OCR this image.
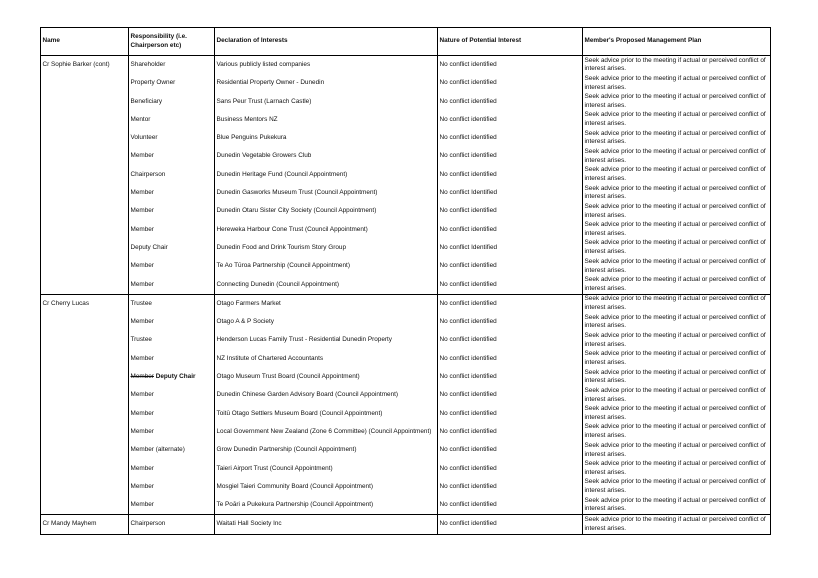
Name	Responsibility (i.e. Chairperson etc)	Declaration of Interests	Nature of Potential Interest	Member's Proposed Management Plan
Cr Sophie Barker (cont)	Shareholder	Various publicly listed companies	No conflict identified	Seek advice prior to the meeting if actual or perceived conflict of interest arises.
	Property Owner	Residential Property Owner - Dunedin	No conflict identified	Seek advice prior to the meeting if actual or perceived conflict of interest arises.
	Beneficiary	Sans Peur Trust (Larnach Castle)	No conflict identified	Seek advice prior to the meeting if actual or perceived conflict of interest arises.
	Mentor	Business Mentors NZ	No conflict identified	Seek advice prior to the meeting if actual or perceived conflict of interest arises.
	Volunteer	Blue Penguins Pukekura	No conflict identified	Seek advice prior to the meeting if actual or perceived conflict of interest arises.
	Member	Dunedin Vegetable Growers Club	No conflict identified	Seek advice prior to the meeting if actual or perceived conflict of interest arises.
	Chairperson	Dunedin Heritage Fund (Council Appointment)	No conflict identified	Seek advice prior to the meeting if actual or perceived conflict of interest arises.
	Member	Dunedin Gasworks Museum Trust (Council Appointment)	No conflict Identified	Seek advice prior to the meeting if actual or perceived conflict of interest arises.
	Member	Dunedin Otaru Sister City Society (Council Appointment)	No conflict identified	Seek advice prior to the meeting if actual or perceived conflict of interest arises.
	Member	Hereweka Harbour Cone Trust (Council Appointment)	No conflict identified	Seek advice prior to the meeting if actual or perceived conflict of interest arises.
	Deputy Chair	Dunedin Food and Drink Tourism Story Group	No conflict Identified	Seek advice prior to the meeting if actual or perceived conflict of interest arises.
	Member	Te Ao Tūroa Partnership (Council Appointment)	No conflict identified	Seek advice prior to the meeting if actual or perceived conflict of interest arises.
	Member	Connecting Dunedin (Council Appointment)	No conflict identified	Seek advice prior to the meeting if actual or perceived conflict of interest arises.
Cr Cherry Lucas	Trustee	Otago Farmers Market	No conflict identified	Seek advice prior to the meeting if actual or perceived conflict of interest arises.
	Member	Otago A & P Society	No conflict identified	Seek advice prior to the meeting if actual or perceived conflict of interest arises.
	Trustee	Henderson Lucas Family Trust - Residential Dunedin Property	No conflict identified	Seek advice prior to the meeting if actual or perceived conflict of interest arises.
	Member	NZ Institute of Chartered Accountants	No conflict identified	Seek advice prior to the meeting if actual or perceived conflict of interest arises.
	Member Deputy Chair	Otago Museum Trust Board (Council Appointment)	No conflict identified	Seek advice prior to the meeting if actual or perceived conflict of interest arises.
	Member	Dunedin Chinese Garden Advisory Board (Council Appointment)	No conflict identified	Seek advice prior to the meeting if actual or perceived conflict of interest arises.
	Member	Toitū Otago Settlers Museum Board (Council Appointment)	No conflict identified	Seek advice prior to the meeting if actual or perceived conflict of interest arises.
	Member	Local Government New Zealand (Zone 6 Committee) (Council Appointment)	No conflict identified	Seek advice prior to the meeting if actual or perceived conflict of interest arises.
	Member (alternate)	Grow Dunedin Partnership (Council Appointment)	No conflict identified	Seek advice prior to the meeting if actual or perceived conflict of interest arises.
	Member	Taieri Airport Trust (Council Appointment)	No conflict identified	Seek advice prior to the meeting if actual or perceived conflict of interest arises.
	Member	Mosgiel Taieri Community Board (Council Appointment)	No conflict identified	Seek advice prior to the meeting if actual or perceived conflict of interest arises.
	Member	Te Poāri a Pukekura Partnership (Council Appointment)	No conflict identified	Seek advice prior to the meeting if actual or perceived conflict of interest arises.
Cr Mandy Mayhem	Chairperson	Waitati Hall Society Inc	No conflict identified	Seek advice prior to the meeting if actual or perceived conflict of interest arises.
